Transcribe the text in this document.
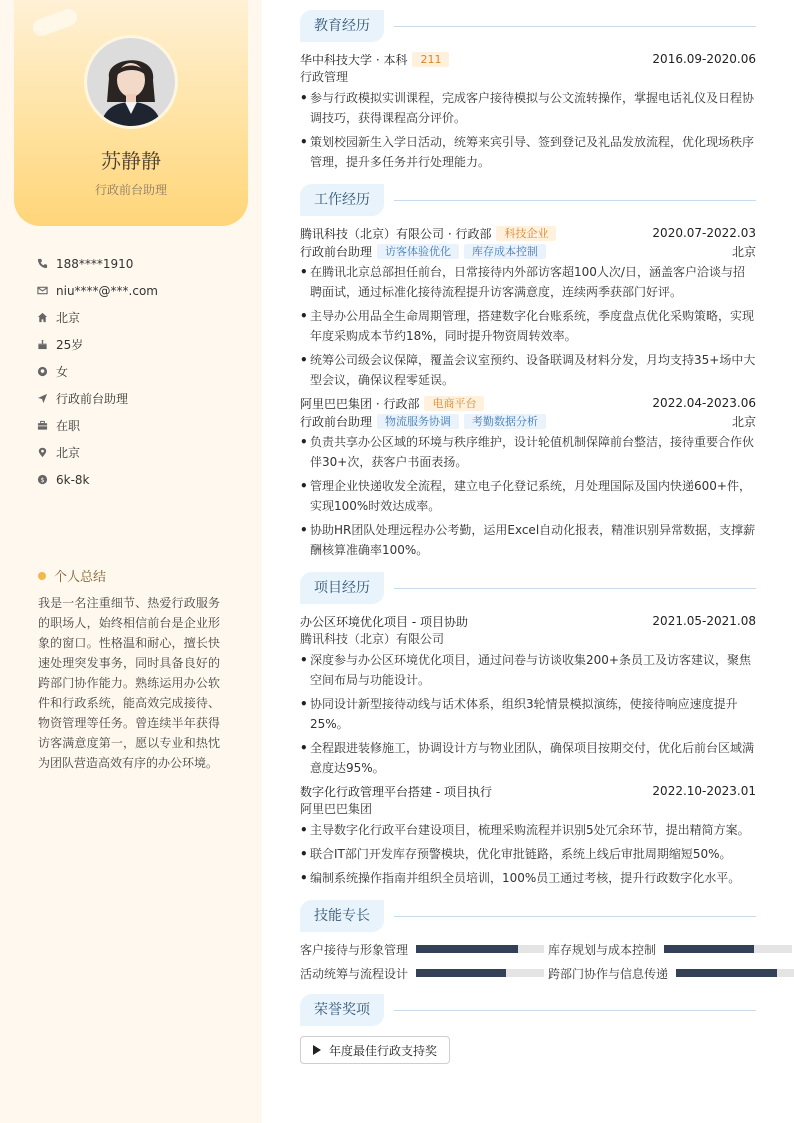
苏静静
行政前台助理
188****1910
niu****@***.com
北京
25岁
女
行政前台助理
在职
北京
$ 6k-8k
个人总结
我是一名注重细节、热爱行政服务的职场人，始终相信前台是企业形象的窗口。性格温和耐心，擅长快速处理突发事务，同时具备良好的跨部门协作能力。熟练运用办公软件和行政系统，能高效完成接待、物资管理等任务。曾连续半年获得访客满意度第一，愿以专业和热忱为团队营造高效有序的办公环境。
教育经历
华中科技大学 · 本科	211	2016.09-2020.06
行政管理
• 参与行政模拟实训课程，完成客户接待模拟与公文流转操作，掌握电话礼仪及日程协调技巧，获得课程高分评价。
• 策划校园新生入学日活动，统筹来宾引导、签到登记及礼品发放流程，优化现场秩序管理，提升多任务并行处理能力。
工作经历
腾讯科技（北京）有限公司 · 行政部	科技企业	2020.07-2022.03
行政前台助理	访客体验优化	库存成本控制	北京
• 在腾讯北京总部担任前台，日常接待内外部访客超100人次/日，涵盖客户洽谈与招聘面试，通过标准化接待流程提升访客满意度，连续两季获部门好评。
• 主导办公用品全生命周期管理，搭建数字化台账系统，季度盘点优化采购策略，实现年度采购成本节约18%，同时提升物资周转效率。
• 统筹公司级会议保障，覆盖会议室预约、设备联调及材料分发，月均支持35+场中大型会议，确保议程零延误。
阿里巴巴集团 · 行政部	电商平台	2022.04-2023.06
行政前台助理	物流服务协调	考勤数据分析	北京
• 负责共享办公区域的环境与秩序维护，设计轮值机制保障前台整洁，接待重要合作伙伴30+次，获客户书面表扬。
• 管理企业快递收发全流程，建立电子化登记系统，月处理国际及国内快递600+件，实现100%时效达成率。
• 协助HR团队处理远程办公考勤，运用Excel自动化报表，精准识别异常数据，支撑薪酬核算准确率100%。
项目经历
办公区环境优化项目 - 项目协助	2021.05-2021.08
腾讯科技（北京）有限公司
• 深度参与办公区环境优化项目，通过问卷与访谈收集200+条员工及访客建议，聚焦空间布局与功能设计。
• 协同设计新型接待动线与话术体系，组织3轮情景模拟演练，使接待响应速度提升25%。
• 全程跟进装修施工，协调设计方与物业团队，确保项目按期交付，优化后前台区域满意度达95%。
数字化行政管理平台搭建 - 项目执行	2022.10-2023.01
阿里巴巴集团
• 主导数字化行政平台建设项目，梳理采购流程并识别5处冗余环节，提出精简方案。
• 联合IT部门开发库存预警模块，优化审批链路，系统上线后审批周期缩短50%。
• 编制系统操作指南并组织全员培训，100%员工通过考核，提升行政数字化水平。
技能专长
客户接待与形象管理	库存规划与成本控制
活动统筹与流程设计	跨部门协作与信息传递
荣誉奖项
年度最佳行政支持奖
